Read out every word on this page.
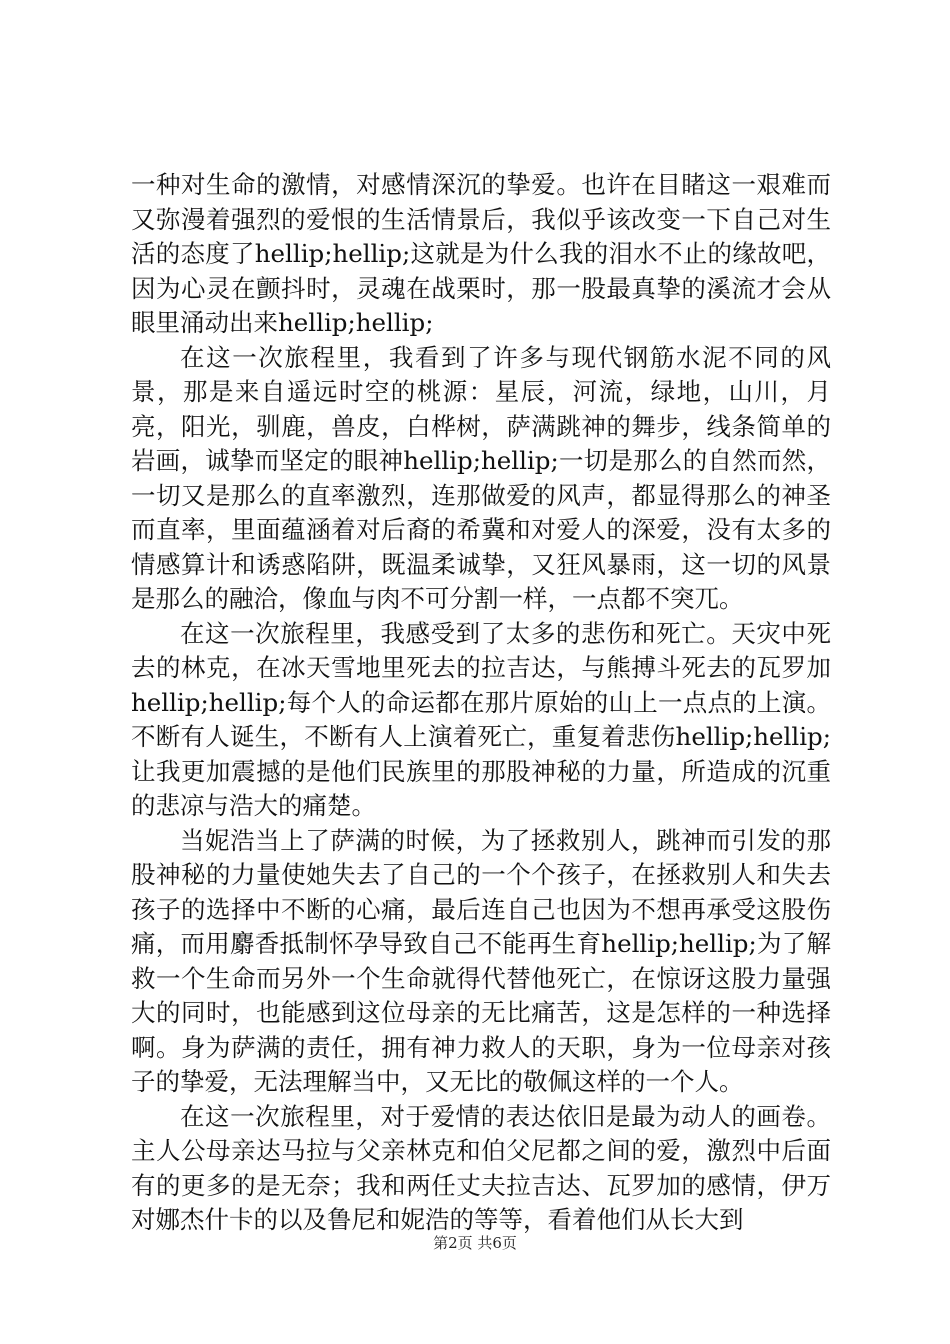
一种对生命的激情，对感情深沉的挚爱。也许在目睹这一艰难而又弥漫着强烈的爱恨的生活情景后，我似乎该改变一下自己对生活的态度了hellip;hellip;这就是为什么我的泪水不止的缘故吧，因为心灵在颤抖时，灵魂在战栗时，那一股最真挚的溪流才会从眼里涌动出来hellip;hellip;

在这一次旅程里，我看到了许多与现代钢筋水泥不同的风景，那是来自遥远时空的桃源：星辰，河流，绿地，山川，月亮，阳光，驯鹿，兽皮，白桦树，萨满跳神的舞步，线条简单的岩画，诚挚而坚定的眼神hellip;hellip;一切是那么的自然而然，一切又是那么的直率激烈，连那做爱的风声，都显得那么的神圣而直率，里面蕴涵着对后裔的希冀和对爱人的深爱，没有太多的情感算计和诱惑陷阱，既温柔诚挚，又狂风暴雨，这一切的风景是那么的融洽，像血与肉不可分割一样，一点都不突兀。

在这一次旅程里，我感受到了太多的悲伤和死亡。天灾中死去的林克，在冰天雪地里死去的拉吉达，与熊搏斗死去的瓦罗加hellip;hellip;每个人的命运都在那片原始的山上一点点的上演。不断有人诞生，不断有人上演着死亡，重复着悲伤hellip;hellip;让我更加震撼的是他们民族里的那股神秘的力量，所造成的沉重的悲凉与浩大的痛楚。

当妮浩当上了萨满的时候，为了拯救别人，跳神而引发的那股神秘的力量使她失去了自己的一个个孩子，在拯救别人和失去孩子的选择中不断的心痛，最后连自己也因为不想再承受这股伤痛，而用麝香抵制怀孕导致自己不能再生育hellip;hellip;为了解救一个生命而另外一个生命就得代替他死亡，在惊讶这股力量强大的同时，也能感到这位母亲的无比痛苦，这是怎样的一种选择啊。身为萨满的责任，拥有神力救人的天职，身为一位母亲对孩子的挚爱，无法理解当中，又无比的敬佩这样的一个人。

在这一次旅程里，对于爱情的表达依旧是最为动人的画卷。主人公母亲达马拉与父亲林克和伯父尼都之间的爱，激烈中后面有的更多的是无奈；我和两任丈夫拉吉达、瓦罗加的感情，伊万对娜杰什卡的以及鲁尼和妮浩的等等，看着他们从长大到

第2页 共6页
